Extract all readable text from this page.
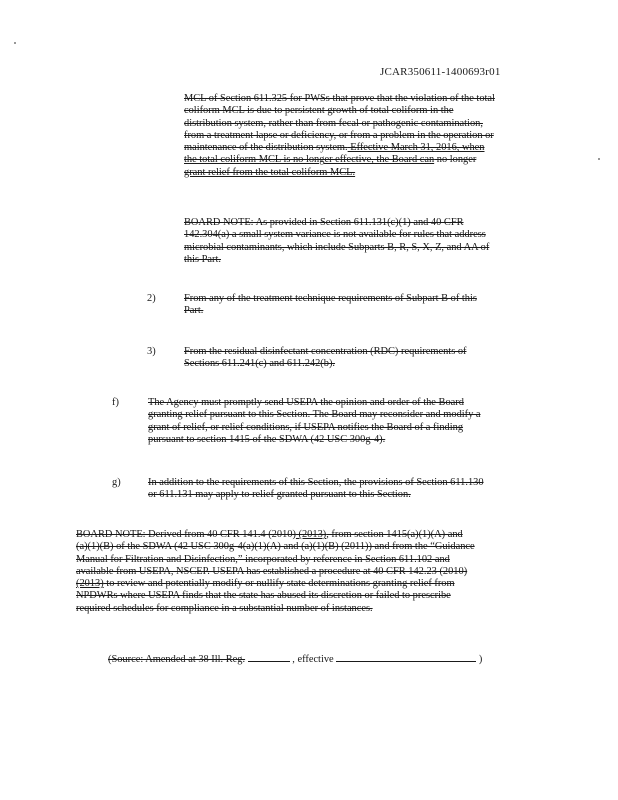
JCAR350611-1400693r01
MCL of Section 611.325 for PWSs that prove that the violation of the total
coliform MCL is due to persistent growth of total coliform in the
distribution system, rather than from fecal or pathogenic contamination,
from a treatment lapse or deficiency, or from a problem in the operation or
maintenance of the distribution system. Effective March 31, 2016, when
the total coliform MCL is no longer effective, the Board can no longer
grant relief from the total coliform MCL.
BOARD NOTE: As provided in Section 611.131(c)(1) and 40 CFR
142.304(a) a small system variance is not available for rules that address
microbial contaminants, which include Subparts B, R, S, X, Z, and AA of
this Part.
2)	From any of the treatment technique requirements of Subpart B of this
Part.
3)	From the residual disinfectant concentration (RDC) requirements of
Sections 611.241(c) and 611.242(b).
f)	The Agency must promptly send USEPA the opinion and order of the Board
granting relief pursuant to this Section. The Board may reconsider and modify a
grant of relief, or relief conditions, if USEPA notifies the Board of a finding
pursuant to section 1415 of the SDWA (42 USC 300g-4).
g)	In addition to the requirements of this Section, the provisions of Section 611.130
or 611.131 may apply to relief granted pursuant to this Section.
BOARD NOTE: Derived from 40 CFR 141.4 (2010) (2013), from section 1415(a)(1)(A) and
(a)(1)(B) of the SDWA (42 USC 300g-4(a)(1)(A) and (a)(1)(B) (2011)) and from the “Guidance
Manual for Filtration and Disinfection,” incorporated by reference in Section 611.102 and
available from USEPA, NSCEP. USEPA has established a procedure at 40 CFR 142.23 (2010)
(2013) to review and potentially modify or nullify state determinations granting relief from
NPDWRs where USEPA finds that the state has abused its discretion or failed to prescribe
required schedules for compliance in a substantial number of instances.
(Source: Amended at 38 Ill. Reg.	, effective	)
